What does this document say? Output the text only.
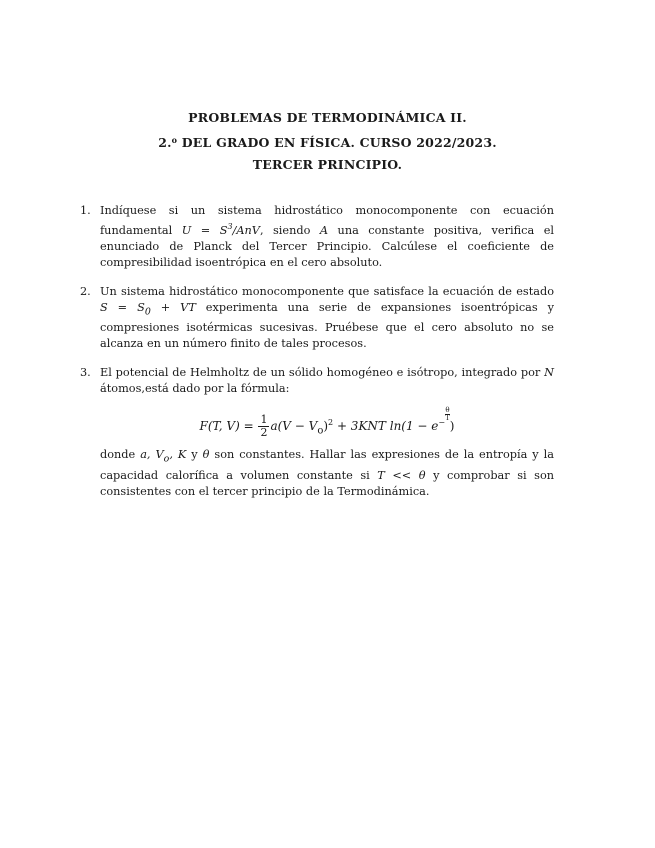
PROBLEMAS DE TERMODINÁMICA II.
2.$^o$ DEL GRADO EN FÍSICA. CURSO 2022/2023.
TERCER PRINCIPIO.
1. Indíquese si un sistema hidrostático monocomponente con ecuación fundamental $U = S^3$/AnV, siendo A una constante positiva, verifica el enunciado de Planck del Tercer Principio. Calcúlese el coeficiente de compresibilidad isoentrópica en el cero absoluto.

2. Un sistema hidrostático monocomponente que satisface la ecuación de estado $S = S_0$ + VT experimenta una serie de expansiones isoentrópicas y compresiones isotérmicas sucesivas. Pruébese que el cero absoluto no se alcanza en un número finito de tales procesos.

3. El potencial de Helmholtz de un sólido homogéneo e isótropo, integrado por N átomos,está dado por la fórmula:

F(T, $V) = \frac{1}{2} a(V - V_o)^2 + 3KNT$ $\ln(1 - e^{- \frac{\theta}{T}}$
)

donde a, $V_o$, K y θ son constantes. Hallar las expresiones de la entropía y la capacidad calorífica a volumen constante si T << θ y comprobar si son consistentes con el tercer principio de la Termodinámica.
